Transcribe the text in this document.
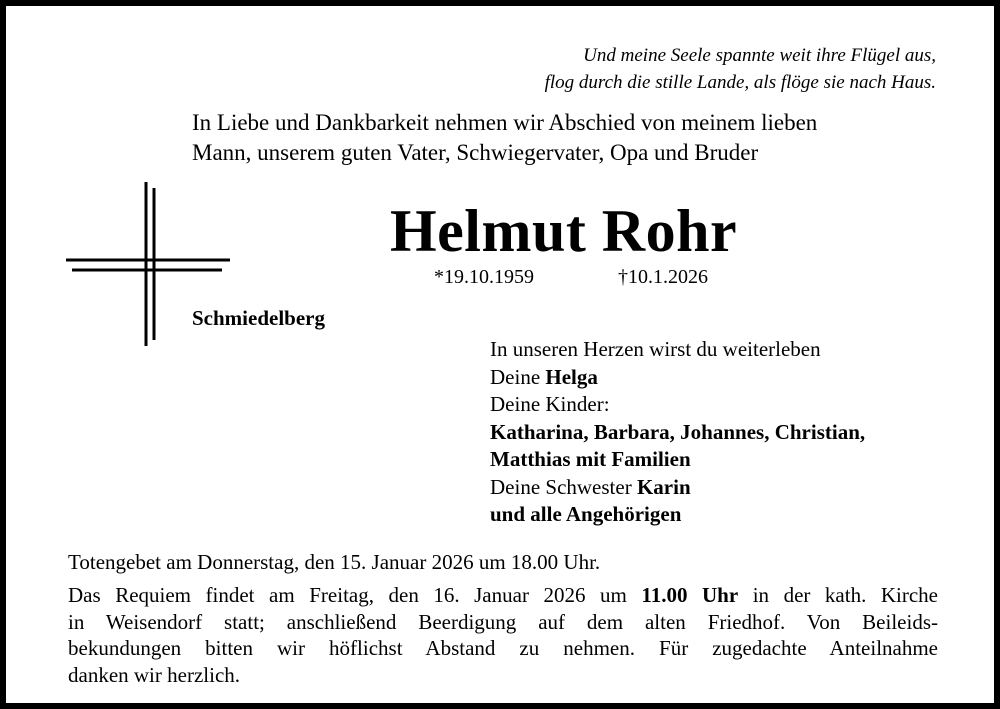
Und meine Seele spannte weit ihre Flügel aus,
flog durch die stille Lande, als flöge sie nach Haus.
In Liebe und Dankbarkeit nehmen wir Abschied von meinem lieben
Mann, unserem guten Vater, Schwiegervater, Opa und Bruder
Helmut Rohr
*19.10.1959	†10.1.2026
Schmiedelberg
In unseren Herzen wirst du weiterleben
Deine Helga
Deine Kinder:
Katharina, Barbara, Johannes, Christian,
Matthias mit Familien
Deine Schwester Karin
und alle Angehörigen
Totengebet am Donnerstag, den 15. Januar 2026 um 18.00 Uhr.
Das Requiem findet am Freitag, den 16. Januar 2026 um 11.00 Uhr in der kath. Kirche
in Weisendorf statt; anschließend Beerdigung auf dem alten Friedhof. Von Beileids-
bekundungen bitten wir höflichst Abstand zu nehmen. Für zugedachte Anteilnahme
danken wir herzlich.
